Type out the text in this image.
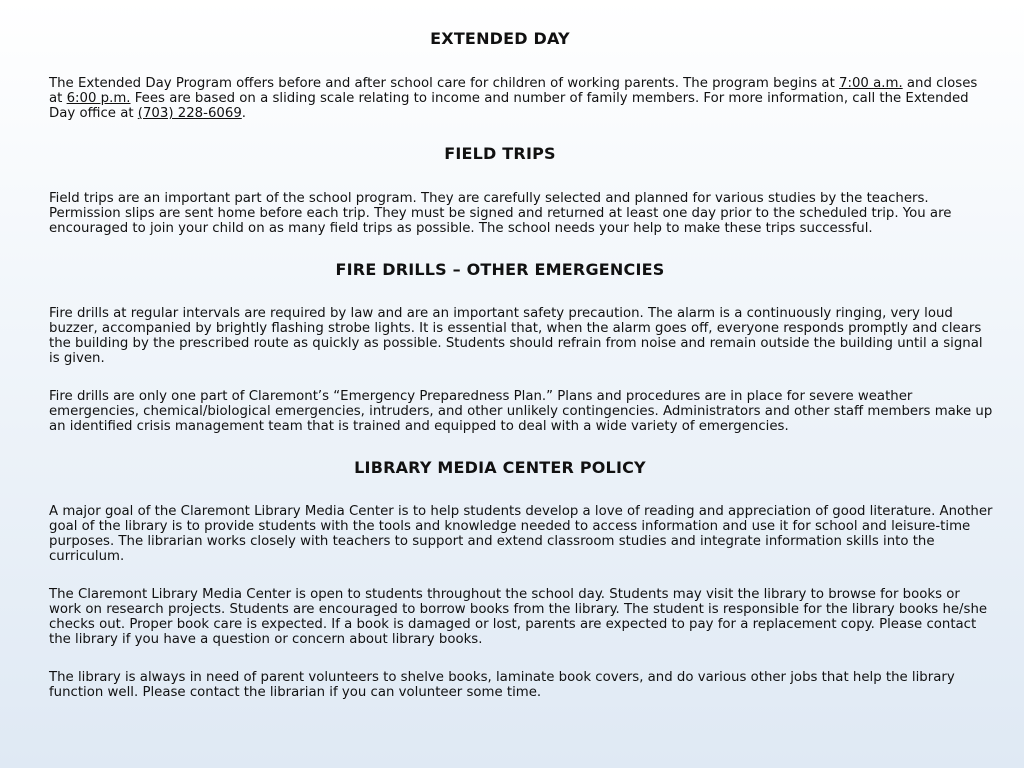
EXTENDED DAY

The Extended Day Program offers before and after school care for children of working parents. The program begins at 7:00 a.m. and closes at 6:00 p.m. Fees are based on a sliding scale relating to income and number of family members. For more information, call the Extended Day office at (703) 228-6069.

FIELD TRIPS

Field trips are an important part of the school program. They are carefully selected and planned for various studies by the teachers. Permission slips are sent home before each trip. They must be signed and returned at least one day prior to the scheduled trip. You are encouraged to join your child on as many field trips as possible. The school needs your help to make these trips successful.

FIRE DRILLS – OTHER EMERGENCIES

Fire drills at regular intervals are required by law and are an important safety precaution. The alarm is a continuously ringing, very loud buzzer, accompanied by brightly flashing strobe lights. It is essential that, when the alarm goes off, everyone responds promptly and clears the building by the prescribed route as quickly as possible. Students should refrain from noise and remain outside the building until a signal is given.

Fire drills are only one part of Claremont’s “Emergency Preparedness Plan.” Plans and procedures are in place for severe weather emergencies, chemical/biological emergencies, intruders, and other unlikely contingencies. Administrators and other staff members make up an identified crisis management team that is trained and equipped to deal with a wide variety of emergencies.

LIBRARY MEDIA CENTER POLICY

A major goal of the Claremont Library Media Center is to help students develop a love of reading and appreciation of good literature. Another goal of the library is to provide students with the tools and knowledge needed to access information and use it for school and leisure-time purposes. The librarian works closely with teachers to support and extend classroom studies and integrate information skills into the curriculum.

The Claremont Library Media Center is open to students throughout the school day. Students may visit the library to browse for books or work on research projects. Students are encouraged to borrow books from the library. The student is responsible for the library books he/she checks out. Proper book care is expected. If a book is damaged or lost, parents are expected to pay for a replacement copy. Please contact the library if you have a question or concern about library books.

The library is always in need of parent volunteers to shelve books, laminate book covers, and do various other jobs that help the library function well. Please contact the librarian if you can volunteer some time.
